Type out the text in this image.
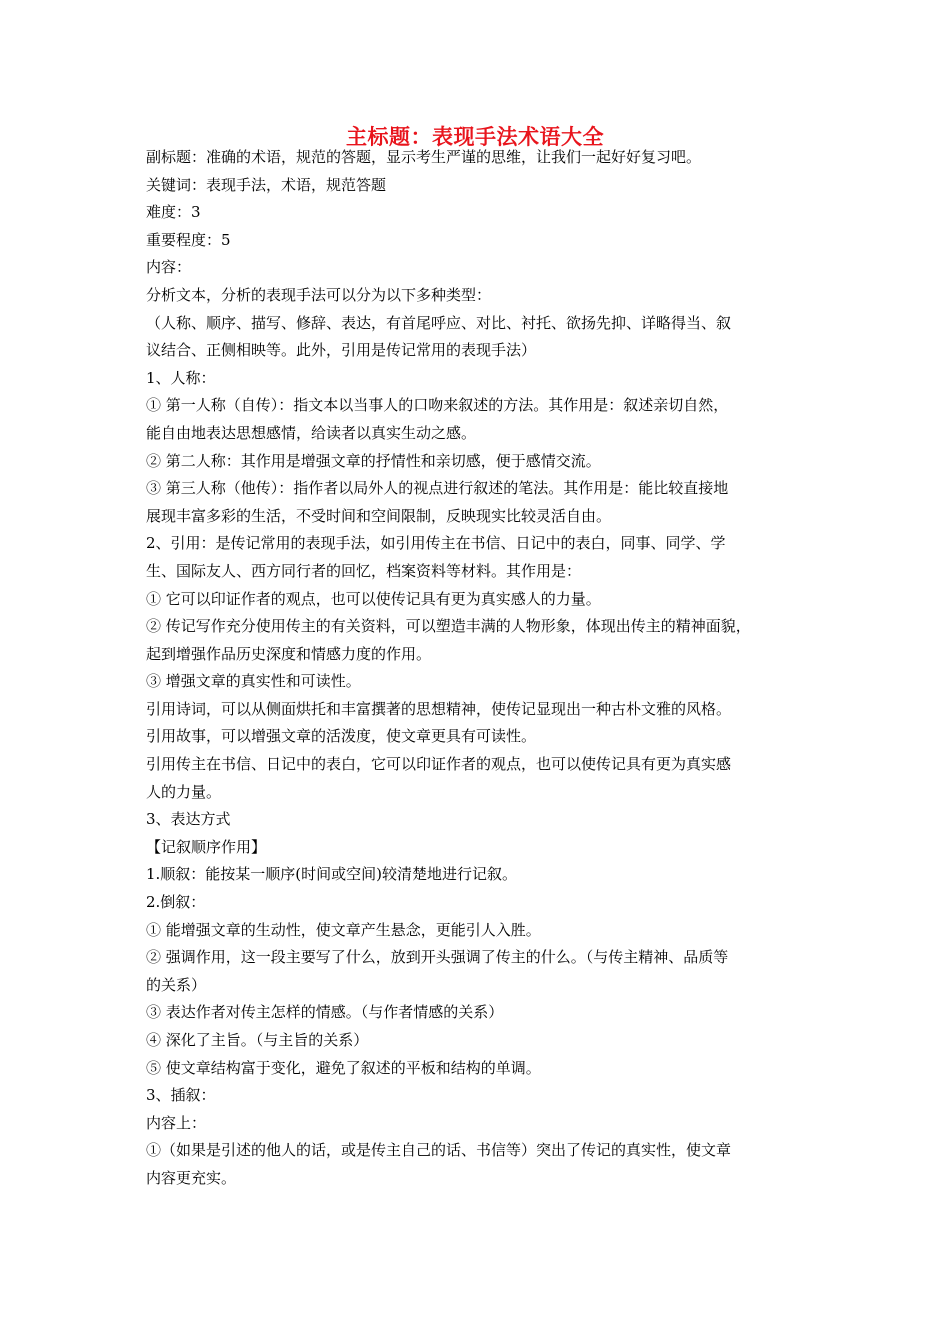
主标题：表现手法术语大全
副标题：准确的术语，规范的答题，显示考生严谨的思维，让我们一起好好复习吧。
关键词：表现手法，术语，规范答题
难度：3
重要程度：5
内容：
分析文本，分析的表现手法可以分为以下多种类型：
（人称、顺序、描写、修辞、表达，有首尾呼应、对比、衬托、欲扬先抑、详略得当、叙
议结合、正侧相映等。此外，引用是传记常用的表现手法）
1、人称：
① 第一人称（自传）：指文本以当事人的口吻来叙述的方法。其作用是：叙述亲切自然，
能自由地表达思想感情，给读者以真实生动之感。
② 第二人称：其作用是增强文章的抒情性和亲切感，便于感情交流。
③ 第三人称（他传）：指作者以局外人的视点进行叙述的笔法。其作用是：能比较直接地
展现丰富多彩的生活，不受时间和空间限制，反映现实比较灵活自由。
2、引用：是传记常用的表现手法，如引用传主在书信、日记中的表白，同事、同学、学
生、国际友人、西方同行者的回忆，档案资料等材料。其作用是：
① 它可以印证作者的观点，也可以使传记具有更为真实感人的力量。
② 传记写作充分使用传主的有关资料，可以塑造丰满的人物形象，体现出传主的精神面貌，
起到增强作品历史深度和情感力度的作用。
③ 增强文章的真实性和可读性。
引用诗词，可以从侧面烘托和丰富撰著的思想精神，使传记显现出一种古朴文雅的风格。
引用故事，可以增强文章的活泼度，使文章更具有可读性。
引用传主在书信、日记中的表白，它可以印证作者的观点，也可以使传记具有更为真实感
人的力量。
3、表达方式
【记叙顺序作用】
1.顺叙：能按某一顺序(时间或空间)较清楚地进行记叙。
2.倒叙：
① 能增强文章的生动性，使文章产生悬念，更能引人入胜。
② 强调作用，这一段主要写了什么，放到开头强调了传主的什么。（与传主精神、品质等
的关系）
③ 表达作者对传主怎样的情感。（与作者情感的关系）
④ 深化了主旨。（与主旨的关系）
⑤ 使文章结构富于变化，避免了叙述的平板和结构的单调。
3、插叙：
内容上：
①（如果是引述的他人的话，或是传主自己的话、书信等）突出了传记的真实性，使文章
内容更充实。
